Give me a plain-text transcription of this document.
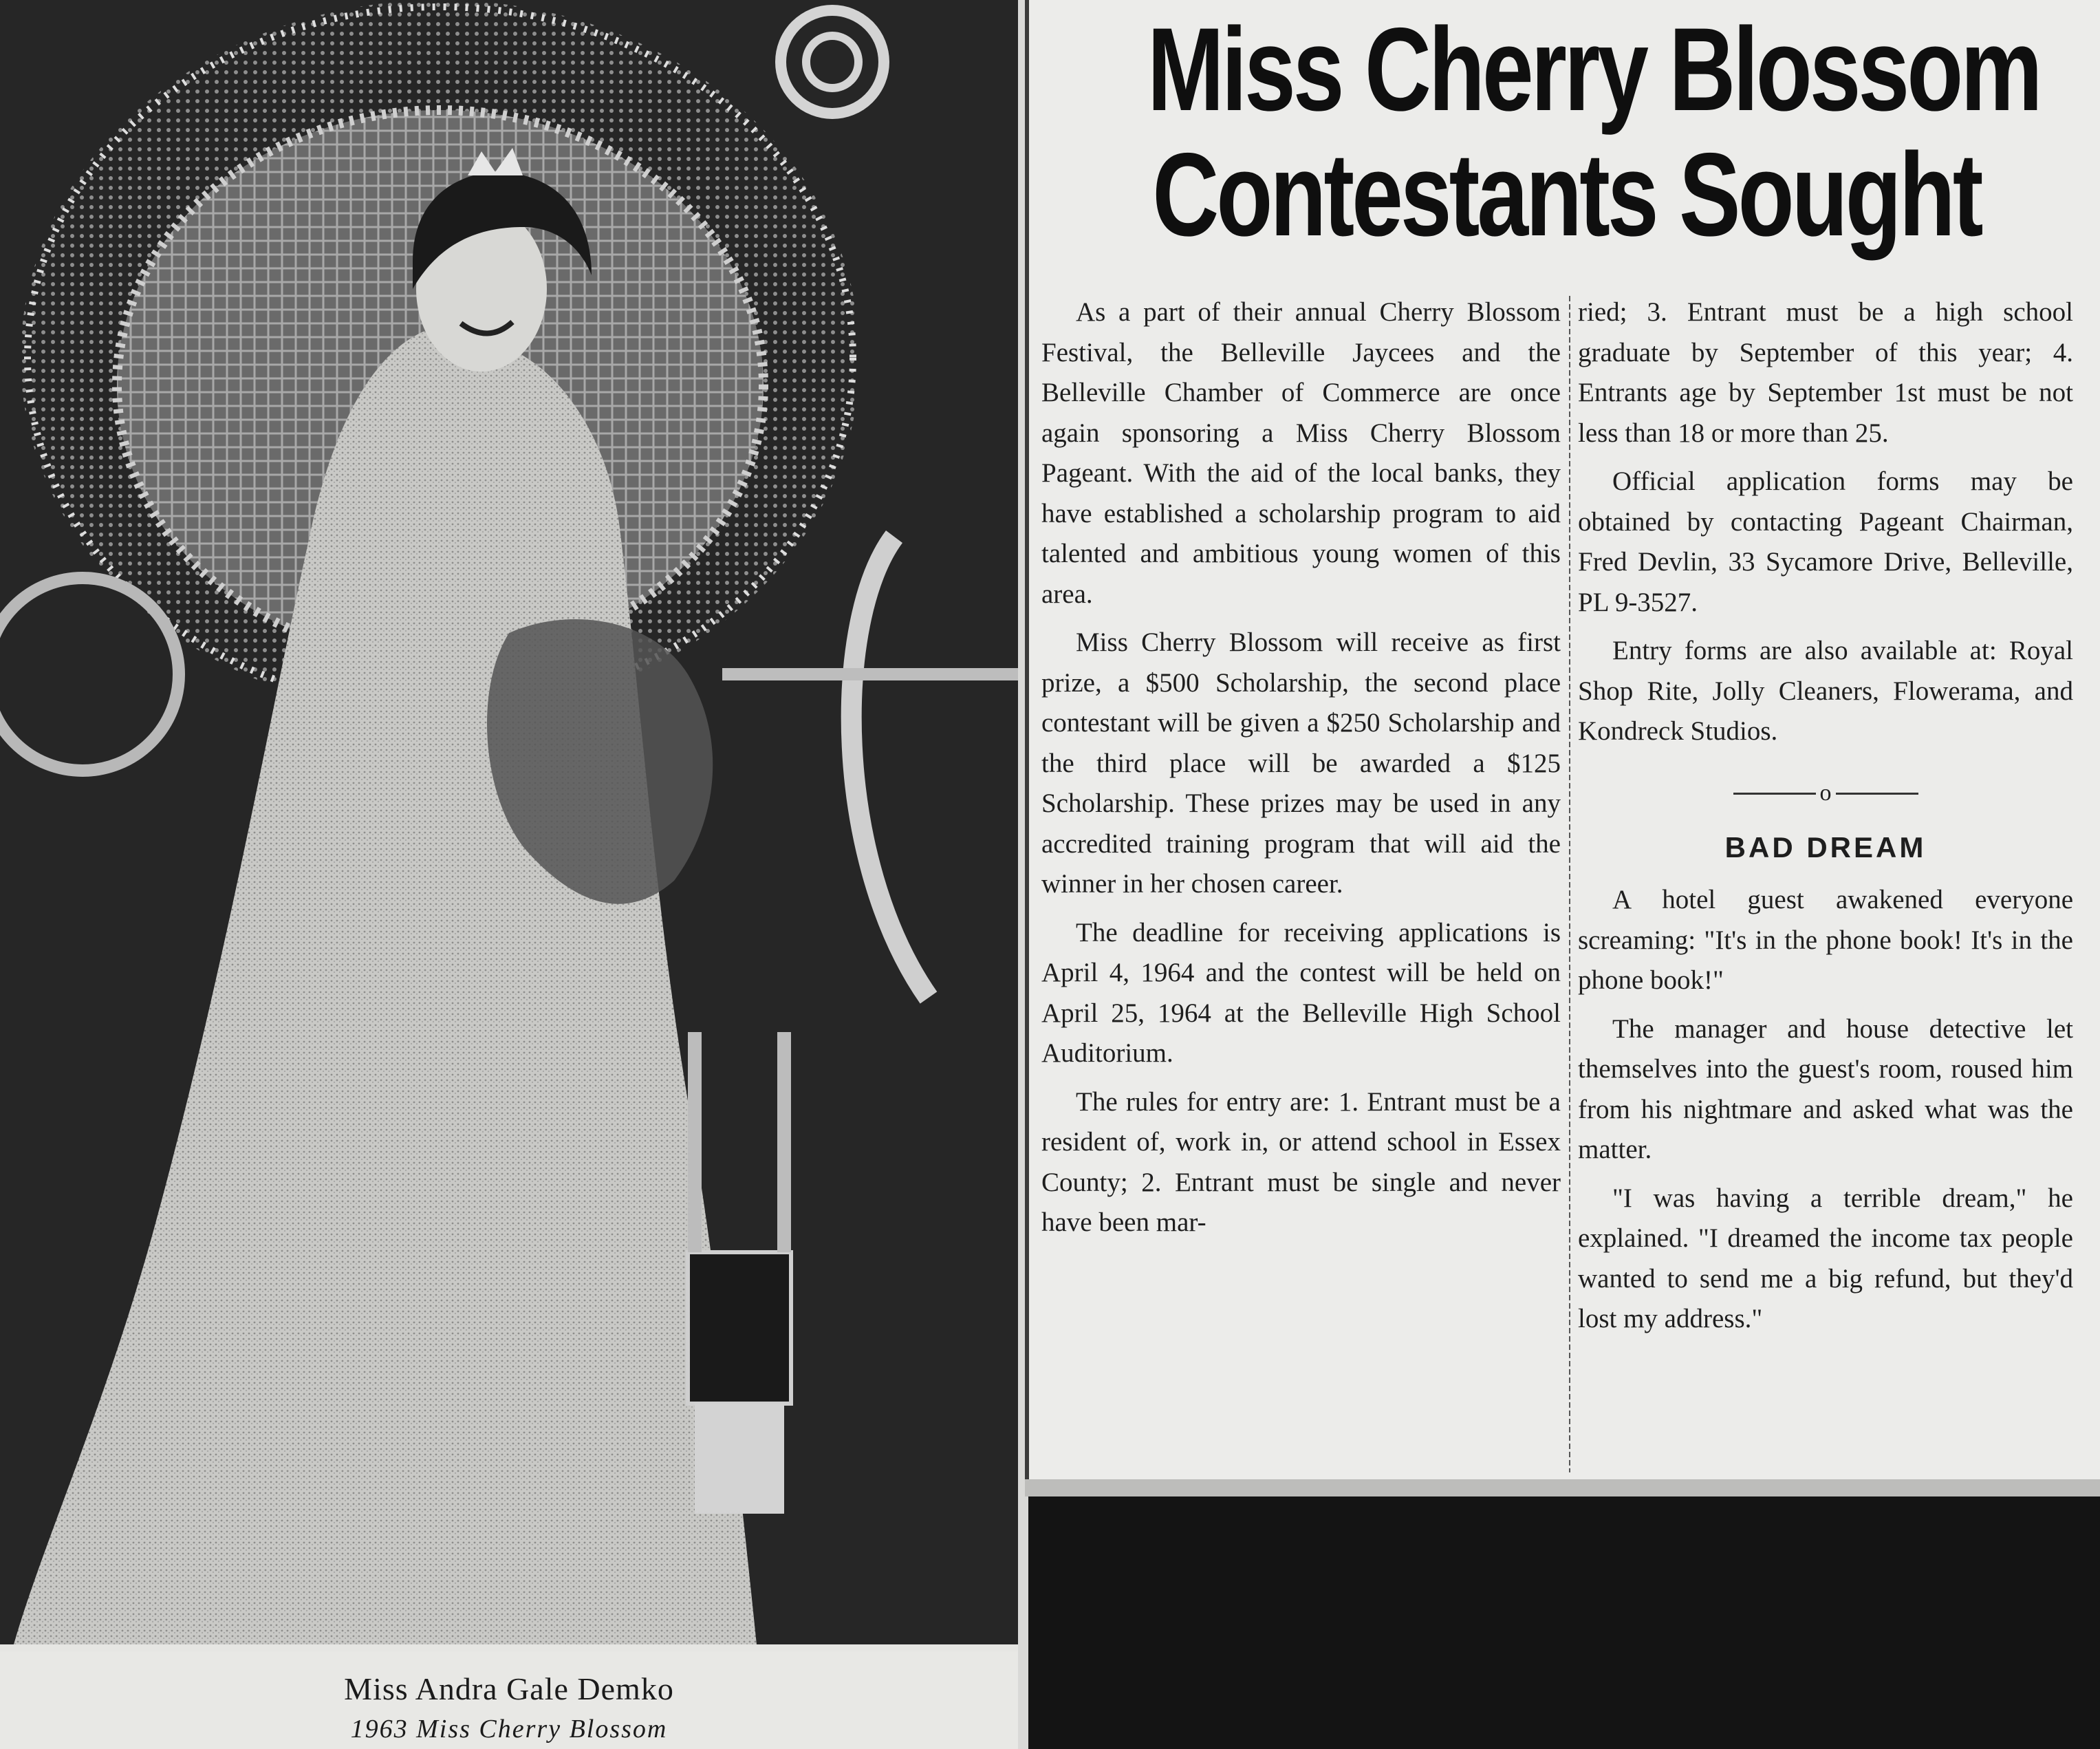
Miss Andra Gale Demko
1963 Miss Cherry Blossom
Miss Cherry Blossom
Contestants Sought

As a part of their annual Cherry Blossom Festival, the Belleville Jaycees and the Belleville Chamber of Commerce are once again sponsoring a Miss Cherry Blossom Pageant. With the aid of the local banks, they have established a scholarship program to aid talented and ambitious young women of this area.

Miss Cherry Blossom will receive as first prize, a $500 Scholarship, the second place contestant will be given a $250 Scholarship and the third place will be awarded a $125 Scholarship. These prizes may be used in any accredited training program that will aid the winner in her chosen career.

The deadline for receiving applications is April 4, 1964 and the contest will be held on April 25, 1964 at the Belleville High School Auditorium.

The rules for entry are: 1. Entrant must be a resident of, work in, or attend school in Essex County; 2. Entrant must be single and never have been mar-

ried; 3. Entrant must be a high school graduate by September of this year; 4. Entrants age by September 1st must be not less than 18 or more than 25.

Official application forms may be obtained by contacting Pageant Chairman, Fred Devlin, 33 Sycamore Drive, Belleville, PL 9-3527.

Entry forms are also available at: Royal Shop Rite, Jolly Cleaners, Flowerama, and Kondreck Studios.

o
BAD DREAM

A hotel guest awakened everyone screaming: "It's in the phone book! It's in the phone book!"

The manager and house detective let themselves into the guest's room, roused him from his nightmare and asked what was the matter.

"I was having a terrible dream," he explained. "I dreamed the income tax people wanted to send me a big refund, but they'd lost my address."
